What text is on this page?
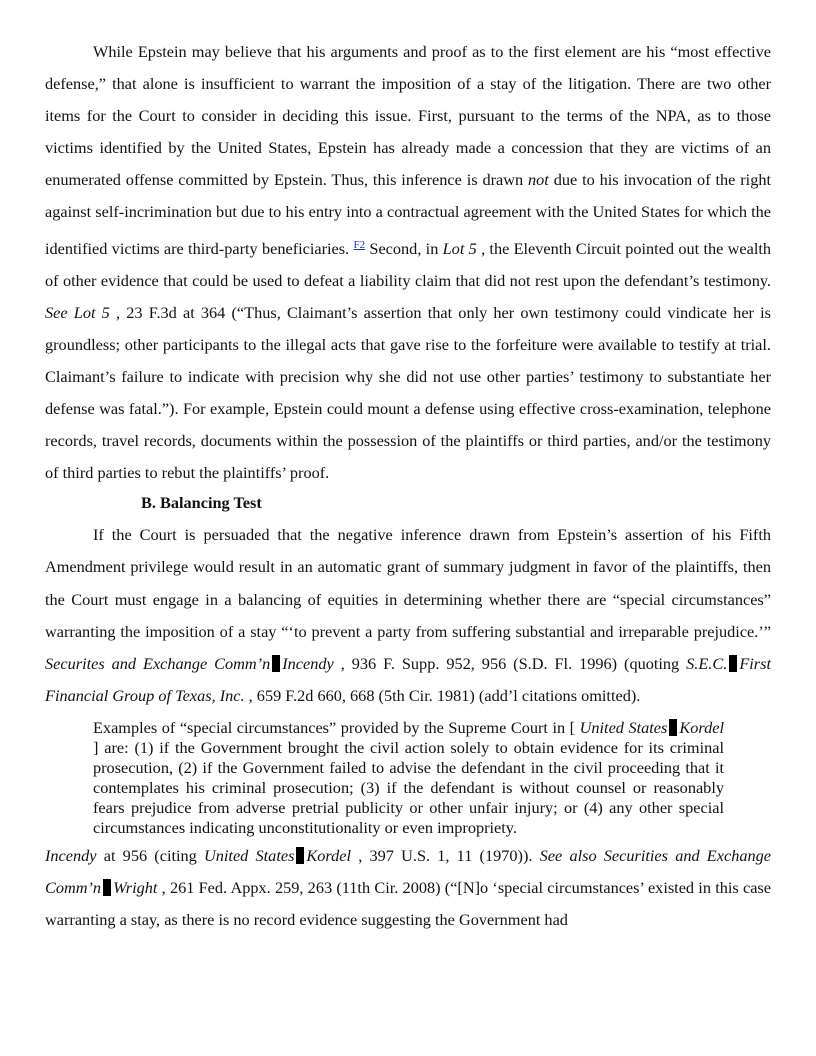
While Epstein may believe that his arguments and proof as to the first element are his “most effective defense,” that alone is insufficient to warrant the imposition of a stay of the litigation. There are two other items for the Court to consider in deciding this issue. First, pursuant to the terms of the NPA, as to those victims identified by the United States, Epstein has already made a concession that they are victims of an enumerated offense committed by Epstein. Thus, this inference is drawn not due to his invocation of the right against self-incrimination but due to his entry into a contractual agreement with the United States for which the identified victims are third-party beneficiaries. $^{F2}$ Second, in Lot 5 , the Eleventh Circuit pointed out the wealth of other evidence that could be used to defeat a liability claim that did not rest upon the defendant’s testimony. See Lot 5 , 23 F.3d at 364 (“Thus, Claimant’s assertion that only her own testimony could vindicate her is groundless; other participants to the illegal acts that gave rise to the forfeiture were available to testify at trial. Claimant’s failure to indicate with precision why she did not use other parties’ testimony to substantiate her defense was fatal.”). For example, Epstein could mount a defense using effective cross-examination, telephone records, travel records, documents within the possession of the plaintiffs or third parties, and/or the testimony of third parties to rebut the plaintiffs’ proof.

B. Balancing Test

If the Court is persuaded that the negative inference drawn from Epstein’s assertion of his Fifth Amendment privilege would result in an automatic grant of summary judgment in favor of the plaintiffs, then the Court must engage in a balancing of equities in determining whether there are “special circumstances” warranting the imposition of a stay “‘to prevent a party from suffering substantial and irreparable prejudice.’” Securites and Exchange Comm’n Incendy , 936 F. Supp. 952, 956 (S.D. Fl. 1996) (quoting S.E.C. First Financial Group of Texas, Inc. , 659 F.2d 660, 668 (5th Cir. 1981) (add’l citations omitted).

Examples of “special circumstances” provided by the Supreme Court in [ United States Kordel ] are: (1) if the Government brought the civil action solely to obtain evidence for its criminal prosecution, (2) if the Government failed to advise the defendant in the civil proceeding that it contemplates his criminal prosecution; (3) if the defendant is without counsel or reasonably fears prejudice from adverse pretrial publicity or other unfair injury; or (4) any other special circumstances indicating unconstitutionality or even impropriety.

Incendy at 956 (citing United States Kordel , 397 U.S. 1, 11 (1970)). See also Securities and Exchange Comm’n Wright , 261 Fed. Appx. 259, 263 (11th Cir. 2008) (“[N]o ‘special circumstances’ existed in this case warranting a stay, as there is no record evidence suggesting the Government had
